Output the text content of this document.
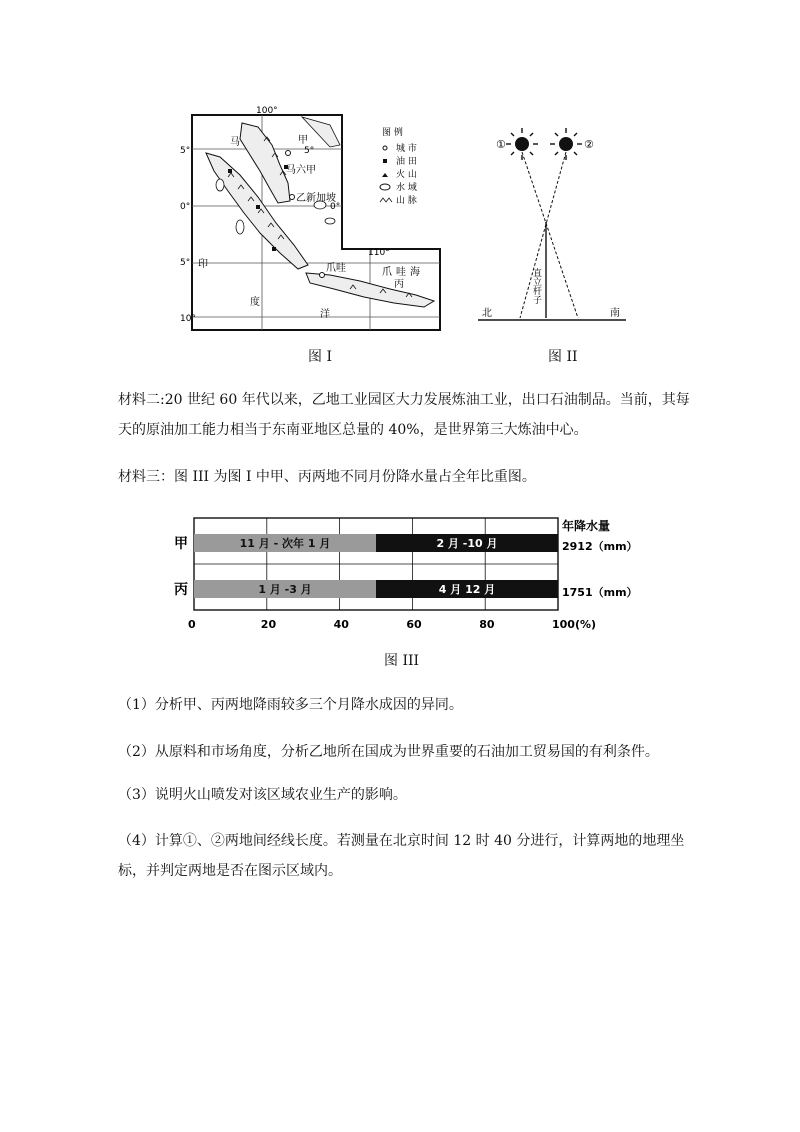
100°
110°
5°
0°
5°
10°
5°
0°
马	甲
马六甲
乙新加坡
印
度
洋
爪哇	爪 哇 海
丙
图 例
城 市
油 田
火 山
水 域
山 脉
图 I
①	②
直立杆子
北	南
图 II
材料二:20 世纪 60 年代以来，乙地工业园区大力发展炼油工业，出口石油制品。当前，其每天的原油加工能力相当于东南亚地区总量的 40%，是世界第三大炼油中心。
材料三：图 III 为图 I 中甲、丙两地不同月份降水量占全年比重图。
0	20	40	60	80	100(%)
年降水量
甲	11 月 - 次年 1 月	2 月 -10 月	2912（mm）
丙	1 月 -3 月	4 月 12 月	1751（mm）
图 III
（1）分析甲、丙两地降雨较多三个月降水成因的异同。
（2）从原料和市场角度，分析乙地所在国成为世界重要的石油加工贸易国的有利条件。
（3）说明火山喷发对该区域农业生产的影响。
（4）计算①、②两地间经线长度。若测量在北京时间 12 时 40 分进行，计算两地的地理坐标，并判定两地是否在图示区域内。
